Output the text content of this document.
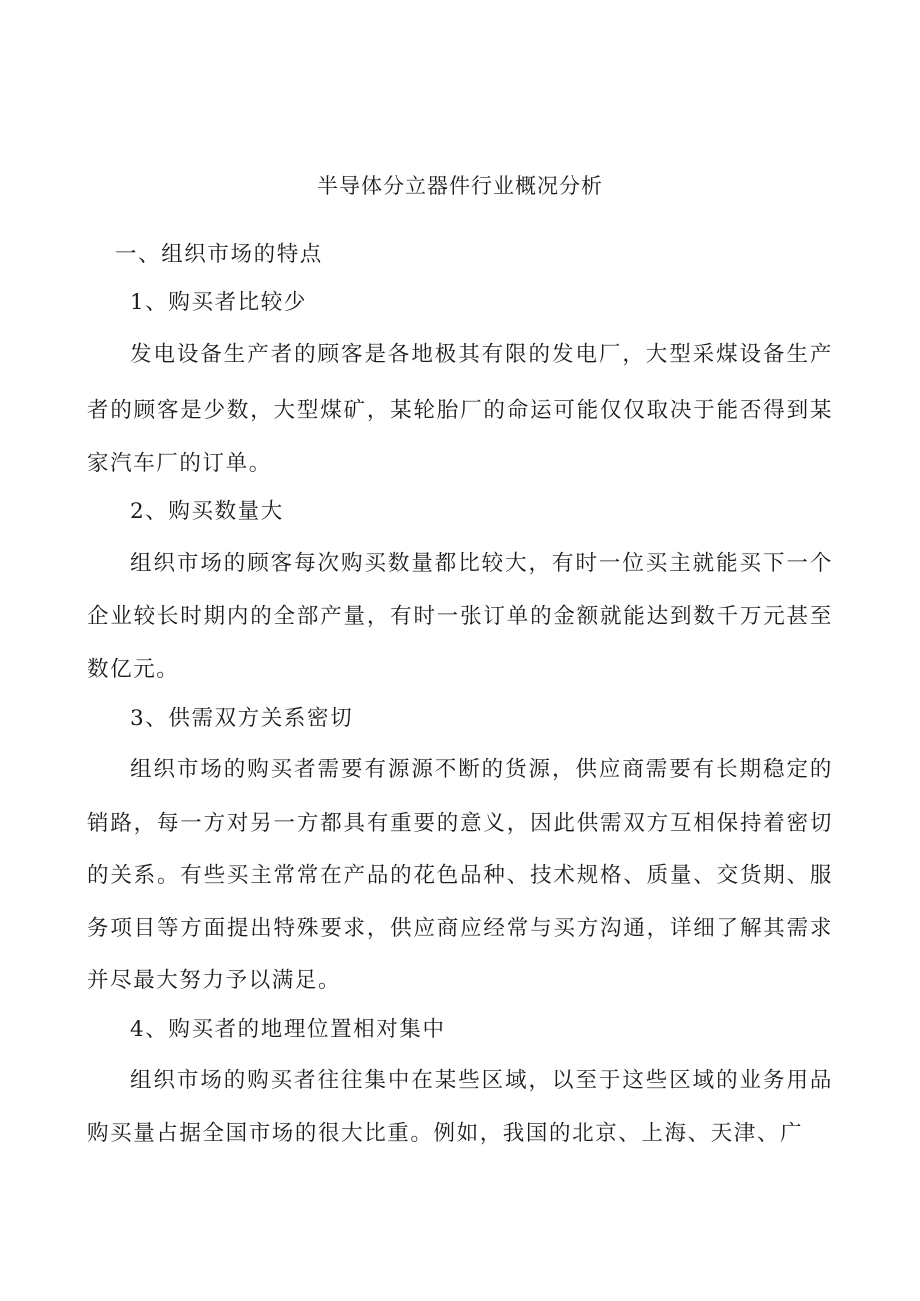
半导体分立器件行业概况分析
一、组织市场的特点
1、购买者比较少
发电设备生产者的顾客是各地极其有限的发电厂，大型采煤设备生产
者的顾客是少数，大型煤矿，某轮胎厂的命运可能仅仅取决于能否得到某
家汽车厂的订单。
2、购买数量大
组织市场的顾客每次购买数量都比较大，有时一位买主就能买下一个
企业较长时期内的全部产量，有时一张订单的金额就能达到数千万元甚至
数亿元。
3、供需双方关系密切
组织市场的购买者需要有源源不断的货源，供应商需要有长期稳定的
销路，每一方对另一方都具有重要的意义，因此供需双方互相保持着密切
的关系。有些买主常常在产品的花色品种、技术规格、质量、交货期、服
务项目等方面提出特殊要求，供应商应经常与买方沟通，详细了解其需求
并尽最大努力予以满足。
4、购买者的地理位置相对集中
组织市场的购买者往往集中在某些区域，以至于这些区域的业务用品
购买量占据全国市场的很大比重。例如，我国的北京、上海、天津、广
